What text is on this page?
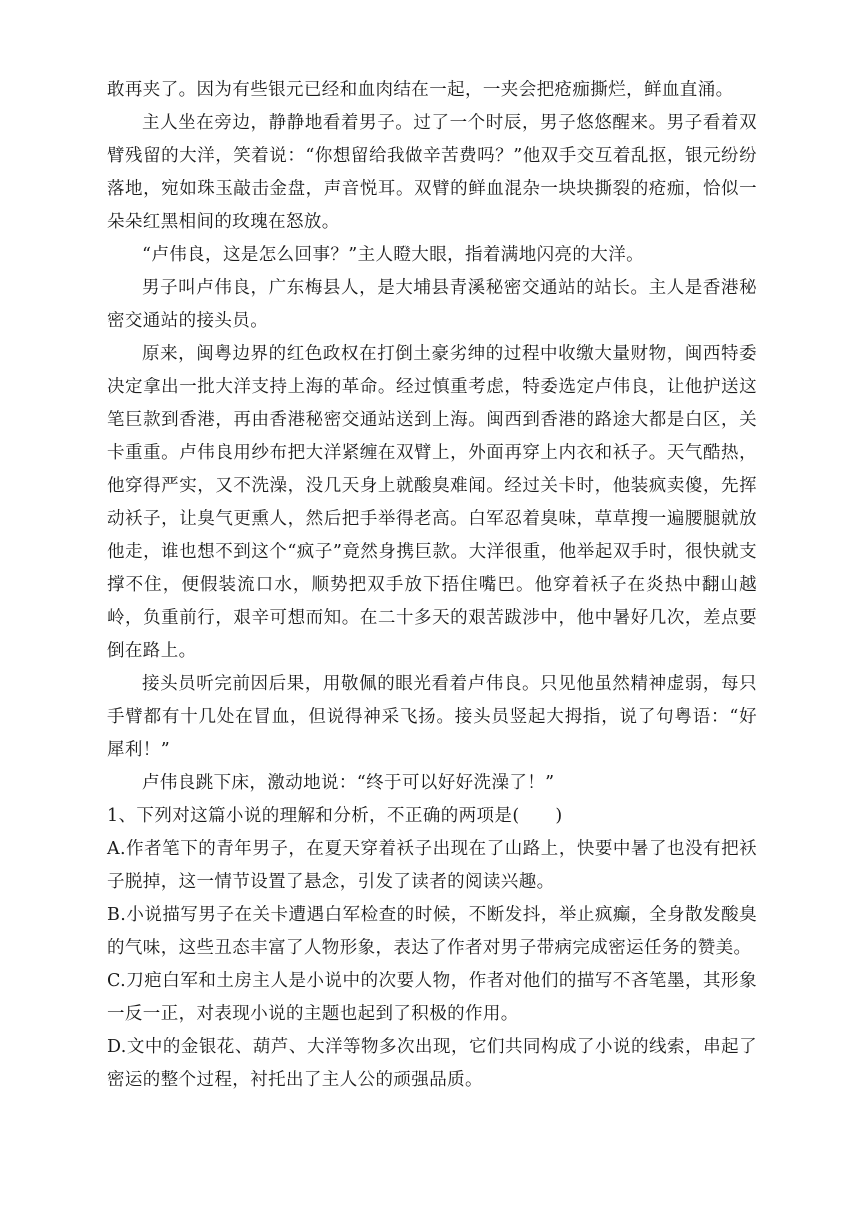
敢再夹了。因为有些银元已经和血肉结在一起，一夹会把疮痂撕烂，鲜血直涌。

主人坐在旁边，静静地看着男子。过了一个时辰，男子悠悠醒来。男子看着双臂残留的大洋，笑着说：“你想留给我做辛苦费吗？”他双手交互着乱抠，银元纷纷落地，宛如珠玉敲击金盘，声音悦耳。双臂的鲜血混杂一块块撕裂的疮痂，恰似一朵朵红黑相间的玫瑰在怒放。

“卢伟良，这是怎么回事？”主人瞪大眼，指着满地闪亮的大洋。

男子叫卢伟良，广东梅县人，是大埔县青溪秘密交通站的站长。主人是香港秘密交通站的接头员。

原来，闽粤边界的红色政权在打倒土豪劣绅的过程中收缴大量财物，闽西特委决定拿出一批大洋支持上海的革命。经过慎重考虑，特委选定卢伟良，让他护送这笔巨款到香港，再由香港秘密交通站送到上海。闽西到香港的路途大都是白区，关卡重重。卢伟良用纱布把大洋紧缠在双臂上，外面再穿上内衣和袄子。天气酷热，他穿得严实，又不洗澡，没几天身上就酸臭难闻。经过关卡时，他装疯卖傻，先挥动袄子，让臭气更熏人，然后把手举得老高。白军忍着臭味，草草搜一遍腰腿就放他走，谁也想不到这个“疯子”竟然身携巨款。大洋很重，他举起双手时，很快就支撑不住，便假装流口水，顺势把双手放下捂住嘴巴。他穿着袄子在炎热中翻山越岭，负重前行，艰辛可想而知。在二十多天的艰苦跋涉中，他中暑好几次，差点要倒在路上。

接头员听完前因后果，用敬佩的眼光看着卢伟良。只见他虽然精神虚弱，每只手臂都有十几处在冒血，但说得神采飞扬。接头员竖起大拇指，说了句粤语：“好犀利！”

卢伟良跳下床，激动地说：“终于可以好好洗澡了！”

1、下列对这篇小说的理解和分析，不正确的两项是(　　)

A.作者笔下的青年男子，在夏天穿着袄子出现在了山路上，快要中暑了也没有把袄子脱掉，这一情节设置了悬念，引发了读者的阅读兴趣。

B.小说描写男子在关卡遭遇白军检查的时候，不断发抖，举止疯癫，全身散发酸臭的气味，这些丑态丰富了人物形象，表达了作者对男子带病完成密运任务的赞美。

C.刀疤白军和土房主人是小说中的次要人物，作者对他们的描写不吝笔墨，其形象一反一正，对表现小说的主题也起到了积极的作用。

D.文中的金银花、葫芦、大洋等物多次出现，它们共同构成了小说的线索，串起了密运的整个过程，衬托出了主人公的顽强品质。
